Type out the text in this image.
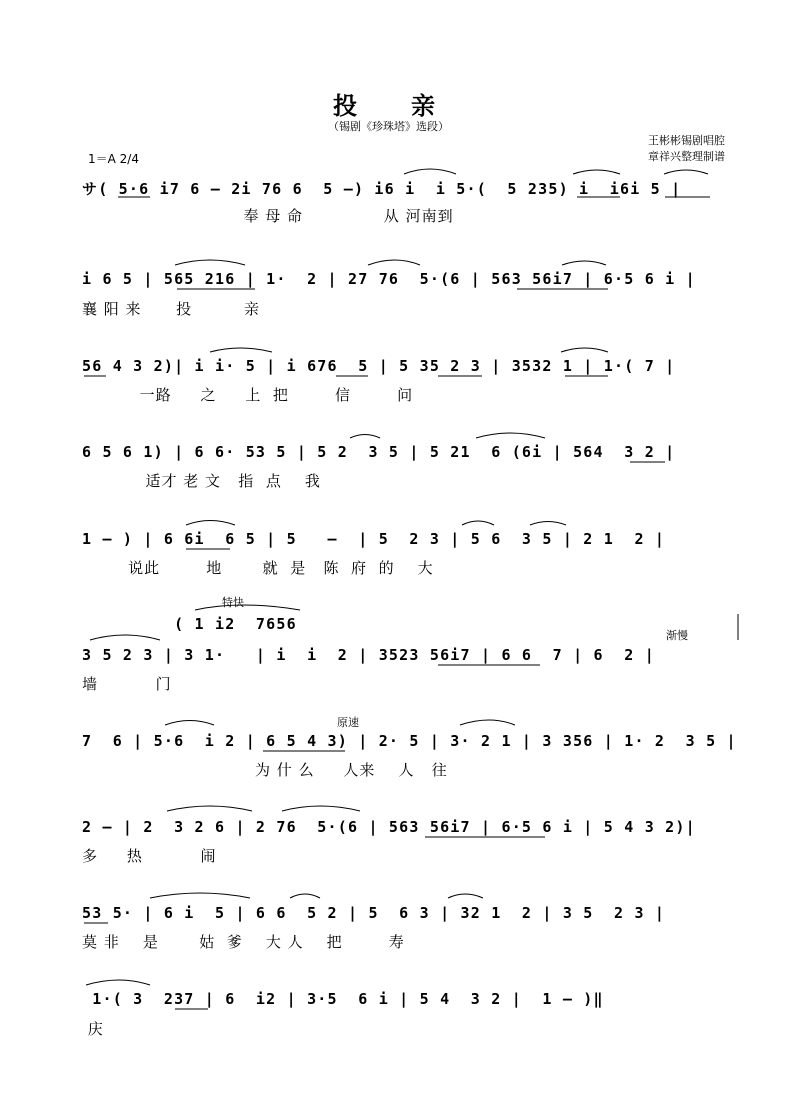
投　　亲
（锡剧《珍珠塔》选段）
王彬彬锡剧唱腔
章祥兴整理制谱
1＝A 2/4
特快
渐慢
原速
サ( 5·6 i7 6 – 2i 76 6  5 –) i6 i  i 5·(  5 235) i  i6i 5 |
奉 母 命              从 河南到
i 6 5 | 565 216 | 1·  2 | 27 76  5·(6 | 563 56i7 | 6·5 6 i |
襄 阳 来      投         亲
56 4 3 2)| i i· 5 | i 676  5 | 5 35 2 3 | 3532 1 | 1·( 7 |
一路     之     上  把        信        问
6 5 6 1) | 6 6· 53 5 | 5 2  3 5 | 5 21  6 (6i | 564  3 2 |
适才 老 文   指  点    我
1 – ) | 6 6i  6 5 | 5   –  | 5  2 3 | 5 6  3 5 | 2 1  2 |
说此        地       就  是   陈  府  的    大
( 1 i2  7656
3 5 2 3 | 3 1·   | i  i  2 | 3523 56i7 | 6 6  7 | 6  2 |
墙          门
7  6 | 5·6  i 2 | 6 5 4 3) | 2· 5 | 3· 2 1 | 3 356 | 1· 2  3 5 |
为 什 么     人来    人   往
2 – | 2  3 2 6 | 2 76  5·(6 | 563 56i7 | 6·5 6 i | 5 4 3 2)|
多     热          闹
53 5· | 6 i  5 | 6 6  5 2 | 5  6 3 | 32 1  2 | 3 5  2 3 |
莫 非    是       姑  爹    大 人    把        寿
1·( 3  237 | 6  i2 | 3·5  6 i | 5 4  3 2 |  1 – )‖
庆
